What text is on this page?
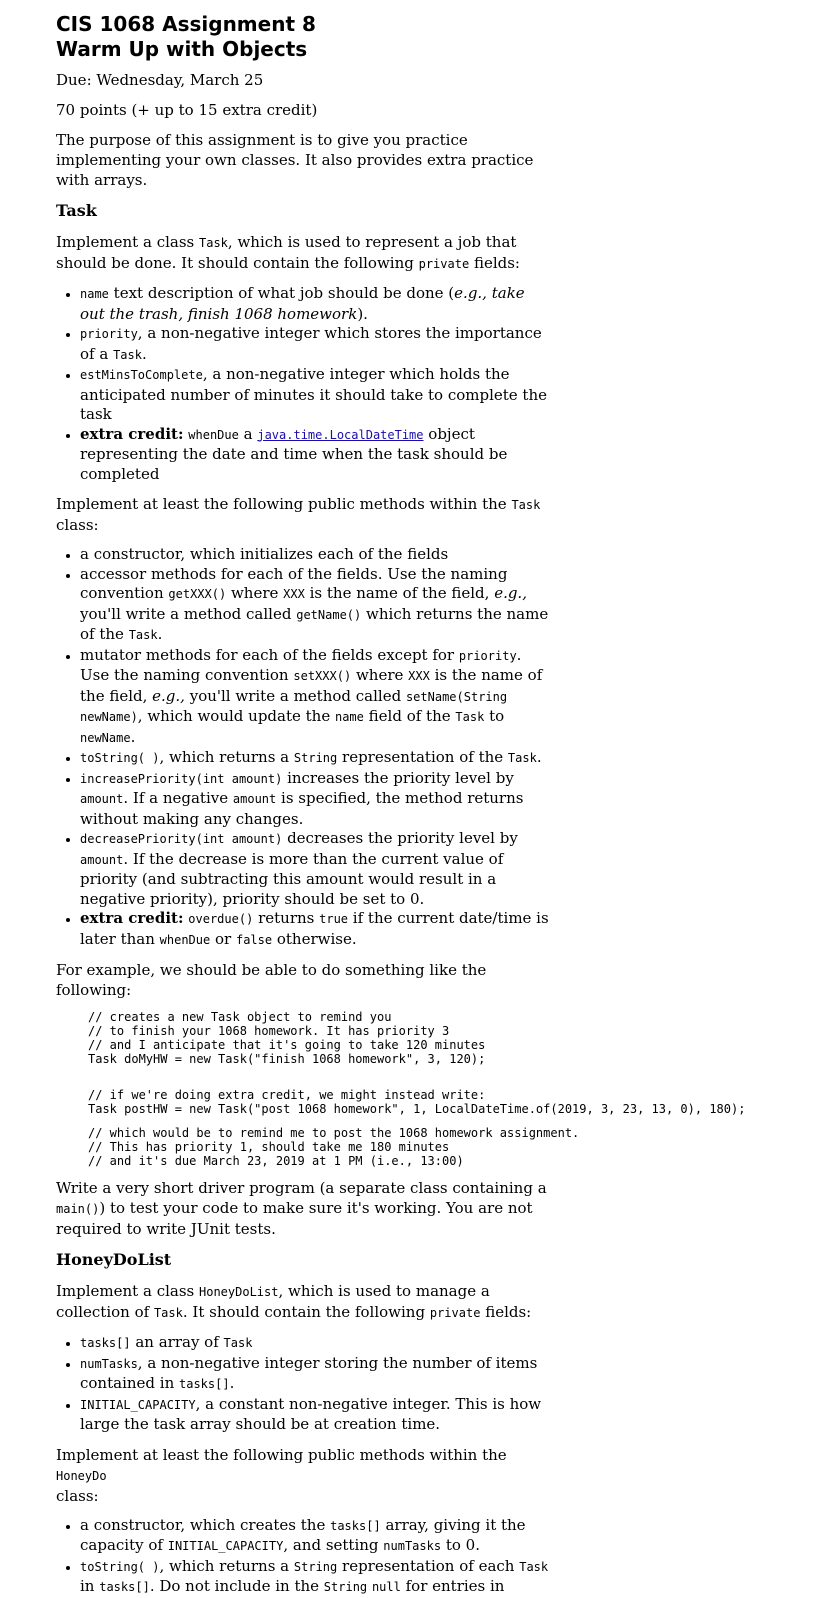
CIS 1068 Assignment 8
Warm Up with Objects

Due: Wednesday, March 25

70 points (+ up to 15 extra credit)

The purpose of this assignment is to give you practice implementing your own classes. It also provides extra practice with arrays.

Task

Implement a class Task, which is used to represent a job that should be done. It should contain the following private fields:

• name text description of what job should be done (e.g., take out the trash, finish 1068 homework).
• priority, a non-negative integer which stores the importance of a Task.
• estMinsToComplete, a non-negative integer which holds the anticipated number of minutes it should take to complete the task
• extra credit: whenDue a java.time.LocalDateTime object representing the date and time when the task should be completed

Implement at least the following public methods within the Task class:

• a constructor, which initializes each of the fields
• accessor methods for each of the fields. Use the naming convention getXXX() where XXX is the name of the field, e.g., you'll write a method called getName() which returns the name of the Task.
• mutator methods for each of the fields except for priority. Use the naming convention setXXX() where XXX is the name of the field, e.g., you'll write a method called setName(String newName), which would update the name field of the Task to newName.
• toString( ), which returns a String representation of the Task.
• increasePriority(int amount) increases the priority level by amount. If a negative amount is specified, the method returns without making any changes.
• decreasePriority(int amount) decreases the priority level by amount. If the decrease is more than the current value of priority (and subtracting this amount would result in a negative priority), priority should be set to 0.
• extra credit: overdue() returns true if the current date/time is later than whenDue or false otherwise.

For example, we should be able to do something like the following:

// creates a new Task object to remind you
// to finish your 1068 homework. It has priority 3
// and I anticipate that it's going to take 120 minutes
Task doMyHW = new Task("finish 1068 homework", 3, 120);
// if we're doing extra credit, we might instead write:
Task postHW = new Task("post 1068 homework", 1, LocalDateTime.of(2019, 3, 23, 13, 0), 180);
// which would be to remind me to post the 1068 homework assignment.
// This has priority 1, should take me 180 minutes
// and it's due March 23, 2019 at 1 PM (i.e., 13:00)

Write a very short driver program (a separate class containing a main()) to test your code to make sure it's working. You are not required to write JUnit tests.

HoneyDoList

Implement a class HoneyDoList, which is used to manage a collection of Task. It should contain the following private fields:

• tasks[] an array of Task
• numTasks, a non-negative integer storing the number of items contained in tasks[].
• INITIAL_CAPACITY, a constant non-negative integer. This is how large the task array should be at creation time.

Implement at least the following public methods within the HoneyDo
class:

• a constructor, which creates the tasks[] array, giving it the capacity of INITIAL_CAPACITY, and setting numTasks to 0.
• toString( ), which returns a String representation of each Task in tasks[]. Do not include in the String null for entries in
